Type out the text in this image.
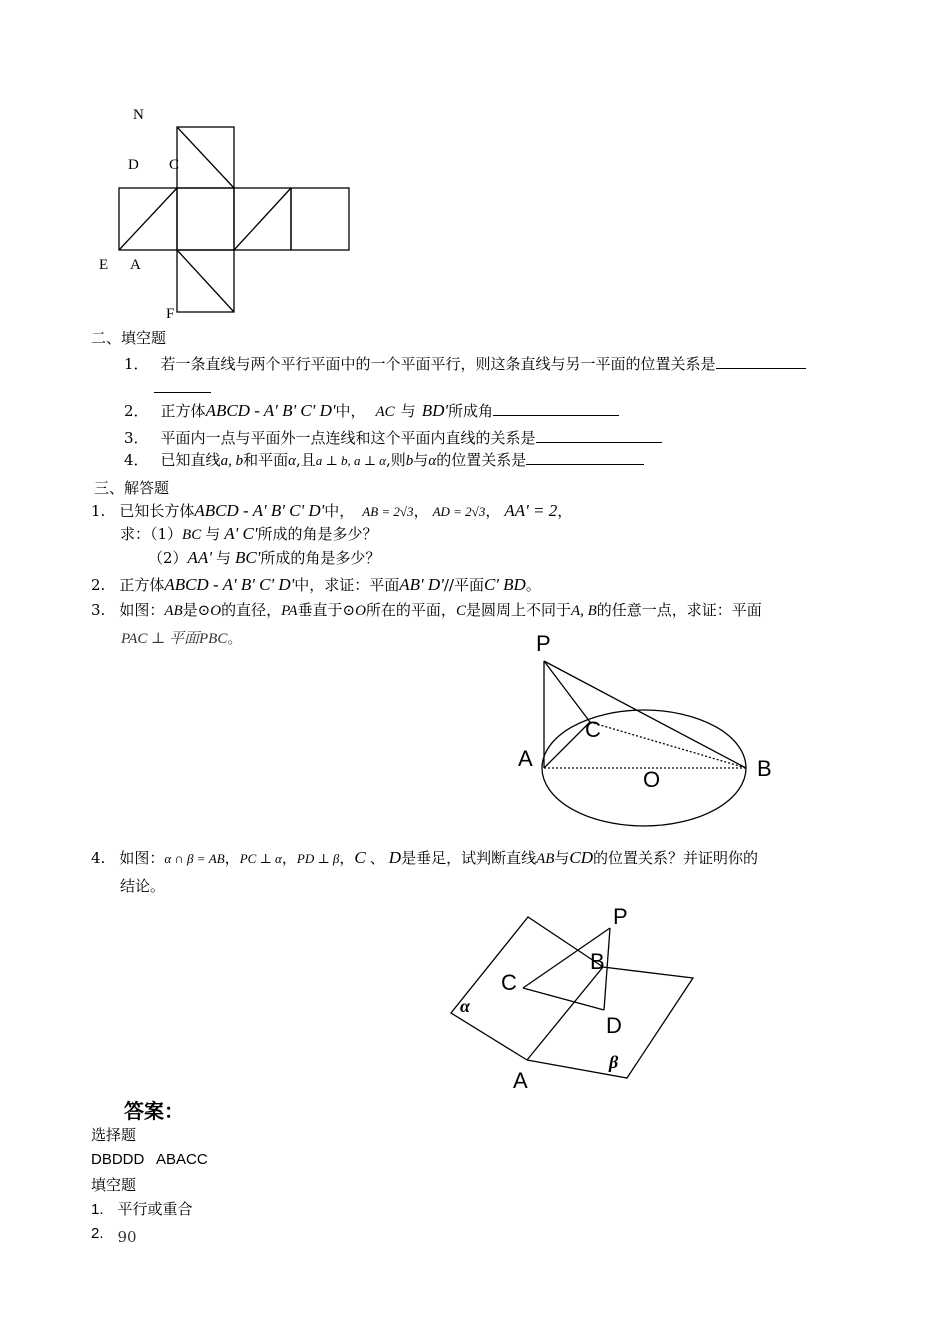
N
D C
E A
F
二、填空题
1． 若一条直线与两个平行平面中的一个平面平行，则这条直线与另一平面的位置关系是
2． 正方体ABCD - A' B' C' D'中， AC 与 BD'所成角
3． 平面内一点与平面外一点连线和这个平面内直线的关系是
4． 已知直线a, b和平面α,且a ⊥ b, a ⊥ α,则b与α的位置关系是
三、解答题
1. 已知长方体ABCD - A' B' C' D'中， AB = 2√3， AD = 2√3， AA' = 2，
求：（1）BC 与 A' C'所成的角是多少？
（2）AA' 与 BC'所成的角是多少？
2. 正方体ABCD - A' B' C' D'中，求证：平面AB' D'//平面C' BD。
3. 如图：AB是⊙O的直径，PA垂直于⊙O所在的平面，C是圆周上不同于A, B的任意一点，求证：平面
PAC ⊥ 平面PBC。	P
C
A
O	B
4. 如图：α ∩ β = AB，PC ⊥ α，PD ⊥ β，C 、 D是垂足，试判断直线AB与CD的位置关系？并证明你的
结论。
P
B
C
D
A
α
β
答案：
选择题
DBDDD   ABACC
填空题
1. 平行或重合
2. 90
